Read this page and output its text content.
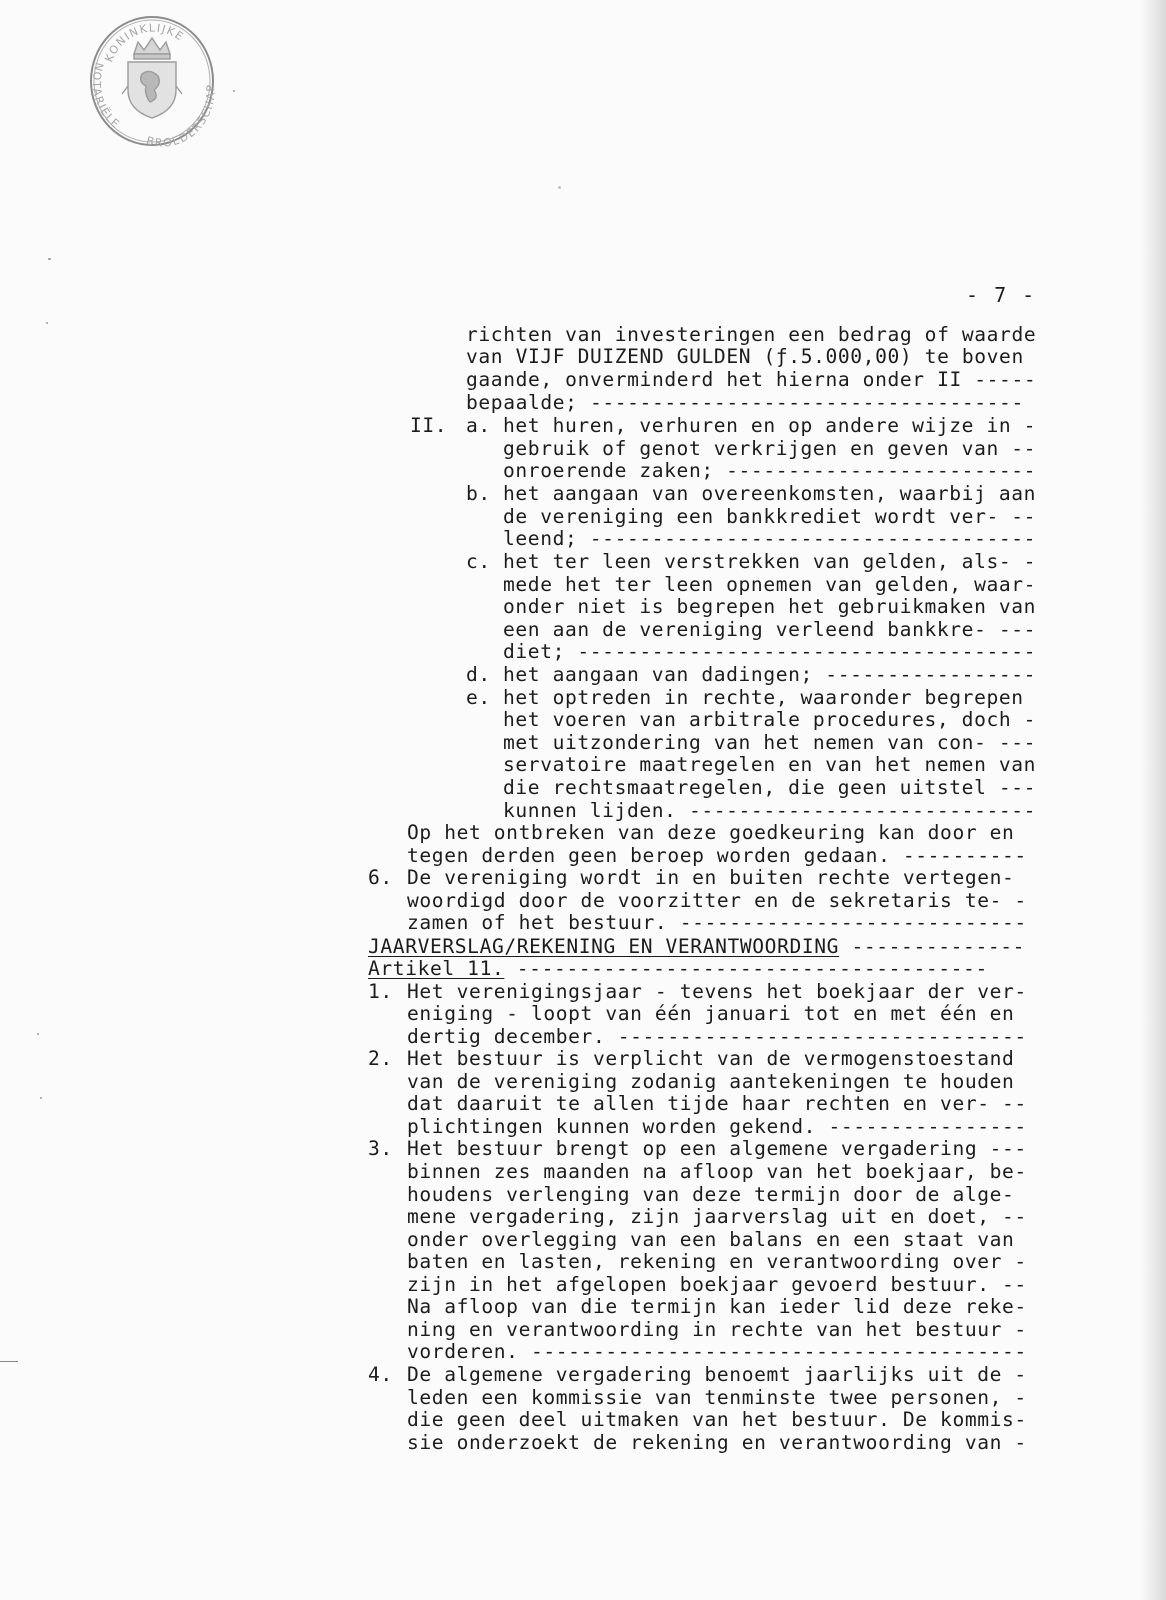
KONINKLIJKE
NOTARIËLE
BROEDERSCH
- 7 -
richten van investeringen een bedrag of waarde
van VIJF DUIZEND GULDEN (ƒ.5.000,00) te boven
gaande, onverminderd het hierna onder II -----
bepaalde; -----------------------------------
II. a. het huren, verhuren en op andere wijze in -
gebruik of genot verkrijgen en geven van --
onroerende zaken; -------------------------
b. het aangaan van overeenkomsten, waarbij aan
de vereniging een bankkrediet wordt ver- --
leend; ------------------------------------
c. het ter leen verstrekken van gelden, als- -
mede het ter leen opnemen van gelden, waar-
onder niet is begrepen het gebruikmaken van
een aan de vereniging verleend bankkre- ---
diet; -------------------------------------
d. het aangaan van dadingen; -----------------
e. het optreden in rechte, waaronder begrepen
het voeren van arbitrale procedures, doch -
met uitzondering van het nemen van con- ---
servatoire maatregelen en van het nemen van
die rechtsmaatregelen, die geen uitstel ---
kunnen lijden. ----------------------------
Op het ontbreken van deze goedkeuring kan door en
tegen derden geen beroep worden gedaan. ----------
6. De vereniging wordt in en buiten rechte vertegen-
woordigd door de voorzitter en de sekretaris te- -
zamen of het bestuur. ----------------------------
JAARVERSLAG/REKENING EN VERANTWOORDING --------------
Artikel 11. --------------------------------------
1. Het verenigingsjaar - tevens het boekjaar der ver-
eniging - loopt van één januari tot en met één en
dertig december. ---------------------------------
2. Het bestuur is verplicht van de vermogenstoestand
van de vereniging zodanig aantekeningen te houden
dat daaruit te allen tijde haar rechten en ver- --
plichtingen kunnen worden gekend. ----------------
3. Het bestuur brengt op een algemene vergadering ---
binnen zes maanden na afloop van het boekjaar, be-
houdens verlenging van deze termijn door de alge-
mene vergadering, zijn jaarverslag uit en doet, --
onder overlegging van een balans en een staat van
baten en lasten, rekening en verantwoording over -
zijn in het afgelopen boekjaar gevoerd bestuur. --
Na afloop van die termijn kan ieder lid deze reke-
ning en verantwoording in rechte van het bestuur -
vorderen. ----------------------------------------
4. De algemene vergadering benoemt jaarlijks uit de -
leden een kommissie van tenminste twee personen, -
die geen deel uitmaken van het bestuur. De kommis-
sie onderzoekt de rekening en verantwoording van -
